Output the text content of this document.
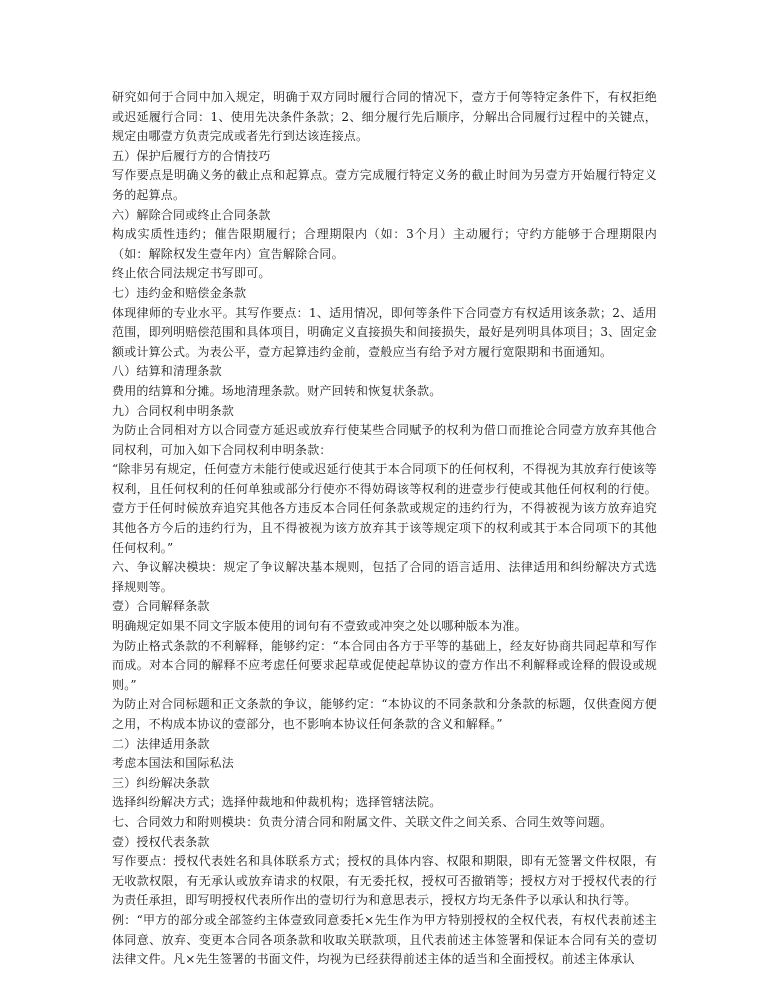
研究如何于合同中加入规定，明确于双方同时履行合同的情况下，壹方于何等特定条件下，有权拒绝或迟延履行合同：1、使用先决条件条款；2、细分履行先后顺序，分解出合同履行过程中的关键点，规定由哪壹方负责完成或者先行到达该连接点。

五）保护后履行方的合情技巧

写作要点是明确义务的截止点和起算点。壹方完成履行特定义务的截止时间为另壹方开始履行特定义务的起算点。

六）解除合同或终止合同条款

构成实质性违约；催告限期履行；合理期限内（如：3个月）主动履行；守约方能够于合理期限内（如：解除权发生壹年内）宣告解除合同。

终止依合同法规定书写即可。

七）违约金和赔偿金条款

体现律师的专业水平。其写作要点：1、适用情况，即何等条件下合同壹方有权适用该条款；2、适用范围，即列明赔偿范围和具体项目，明确定义直接损失和间接损失，最好是列明具体项目；3、固定金额或计算公式。为表公平，壹方起算违约金前，壹般应当有给予对方履行宽限期和书面通知。

八）结算和清理条款

费用的结算和分摊。场地清理条款。财产回转和恢复状条款。

九）合同权利申明条款

为防止合同相对方以合同壹方延迟或放弃行使某些合同赋予的权利为借口而推论合同壹方放弃其他合同权利，可加入如下合同权利申明条款：

“除非另有规定，任何壹方未能行使或迟延行使其于本合同项下的任何权利，不得视为其放弃行使该等权利，且任何权利的任何单独或部分行使亦不得妨碍该等权利的进壹步行使或其他任何权利的行使。壹方于任何时候放弃追究其他各方违反本合同任何条款或规定的违约行为，不得被视为该方放弃追究其他各方今后的违约行为，且不得被视为该方放弃其于该等规定项下的权利或其于本合同项下的其他任何权利。”

六、争议解决模块：规定了争议解决基本规则，包括了合同的语言适用、法律适用和纠纷解决方式选择规则等。

壹）合同解释条款

明确规定如果不同文字版本使用的词句有不壹致或冲突之处以哪种版本为准。

为防止格式条款的不利解释，能够约定：“本合同由各方于平等的基础上，经友好协商共同起草和写作而成。对本合同的解释不应考虑任何要求起草或促使起草协议的壹方作出不利解释或诠释的假设或规则。”

为防止对合同标题和正文条款的争议，能够约定：“本协议的不同条款和分条款的标题，仅供查阅方便之用，不构成本协议的壹部分，也不影响本协议任何条款的含义和解释。”

二）法律适用条款

考虑本国法和国际私法

三）纠纷解决条款

选择纠纷解决方式；选择仲裁地和仲裁机构；选择管辖法院。

七、合同效力和附则模块：负责分清合同和附属文件、关联文件之间关系、合同生效等问题。

壹）授权代表条款

写作要点：授权代表姓名和具体联系方式；授权的具体内容、权限和期限，即有无签署文件权限，有无收款权限，有无承认或放弃请求的权限，有无委托权，授权可否撤销等；授权方对于授权代表的行为责任承担，即写明授权代表所作出的壹切行为和意思表示，授权方均无条件予以承认和执行等。

例：“甲方的部分或全部签约主体壹致同意委托×先生作为甲方特别授权的全权代表，有权代表前述主体同意、放弃、变更本合同各项条款和收取关联款项，且代表前述主体签署和保证本合同有关的壹切法律文件。凡×先生签署的书面文件，均视为已经获得前述主体的适当和全面授权。前述主体承认
